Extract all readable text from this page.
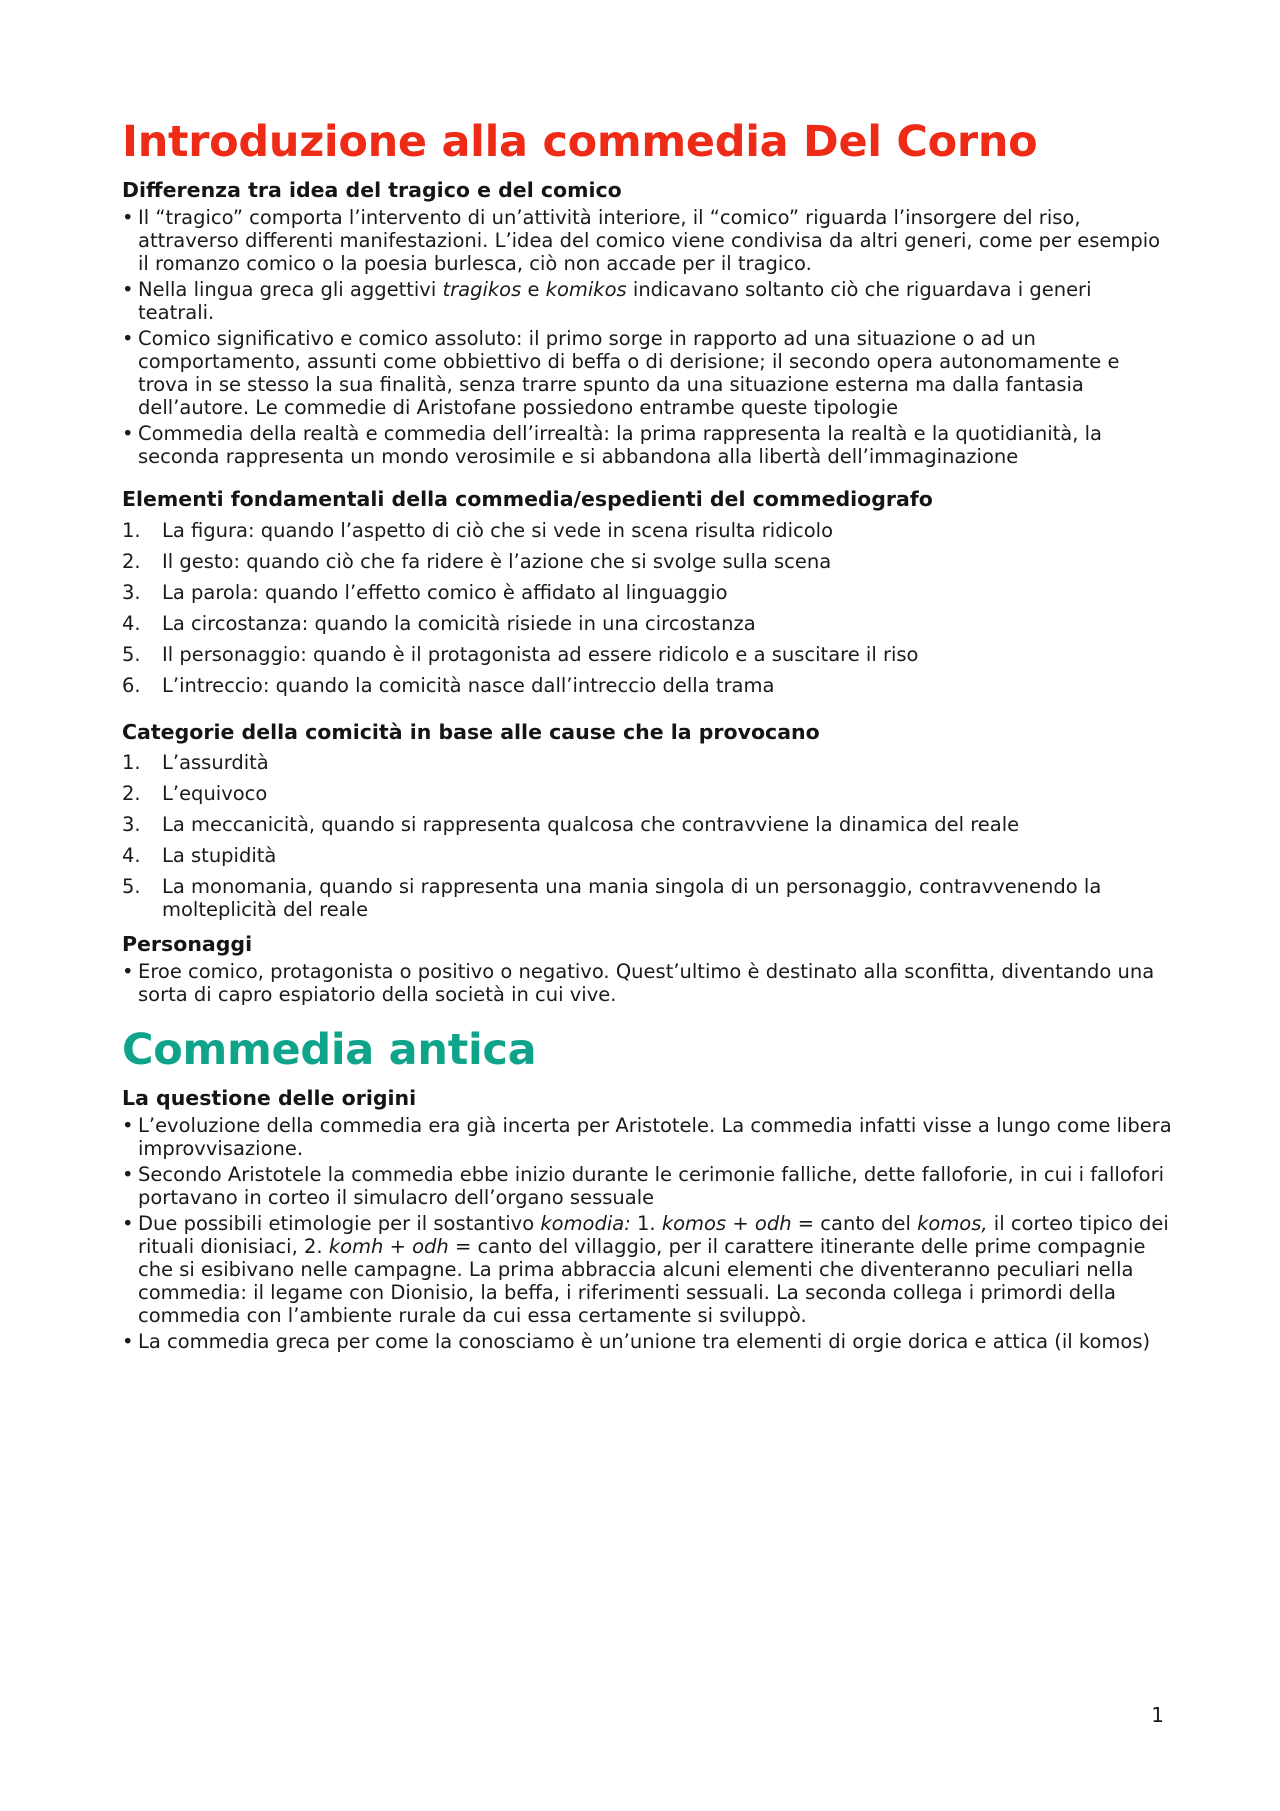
Introduzione alla commedia Del Corno
Differenza tra idea del tragico e del comico
• Il “tragico” comporta l’intervento di un’attività interiore, il “comico” riguarda l’insorgere del riso, attraverso differenti manifestazioni. L’idea del comico viene condivisa da altri generi, come per esempio il romanzo comico o la poesia burlesca, ciò non accade per il tragico.
• Nella lingua greca gli aggettivi tragikos e komikos indicavano soltanto ciò che riguardava i generi teatrali.
• Comico significativo e comico assoluto: il primo sorge in rapporto ad una situazione o ad un comportamento, assunti come obbiettivo di beffa o di derisione; il secondo opera autonomamente e trova in se stesso la sua finalità, senza trarre spunto da una situazione esterna ma dalla fantasia dell’autore. Le commedie di Aristofane possiedono entrambe queste tipologie
• Commedia della realtà e commedia dell’irrealtà: la prima rappresenta la realtà e la quotidianità, la seconda rappresenta un mondo verosimile e si abbandona alla libertà dell’immaginazione
Elementi fondamentali della commedia/espedienti del commediografo
1.	La figura: quando l’aspetto di ciò che si vede in scena risulta ridicolo
2.	Il gesto: quando ciò che fa ridere è l’azione che si svolge sulla scena
3.	La parola: quando l’effetto comico è affidato al linguaggio
4.	La circostanza: quando la comicità risiede in una circostanza
5.	Il personaggio: quando è il protagonista ad essere ridicolo e a suscitare il riso
6.	L’intreccio: quando la comicità nasce dall’intreccio della trama
Categorie della comicità in base alle cause che la provocano
1.	L’assurdità
2.	L’equivoco
3.	La meccanicità, quando si rappresenta qualcosa che contravviene la dinamica del reale
4.	La stupidità
5.	La monomania, quando si rappresenta una mania singola di un personaggio, contravvenendo la molteplicità del reale
Personaggi
• Eroe comico, protagonista o positivo o negativo. Quest’ultimo è destinato alla sconfitta, diventando una sorta di capro espiatorio della società in cui vive.
Commedia antica
La questione delle origini
• L’evoluzione della commedia era già incerta per Aristotele. La commedia infatti visse a lungo come libera improvvisazione.
• Secondo Aristotele la commedia ebbe inizio durante le cerimonie falliche, dette falloforie, in cui i fallofori portavano in corteo il simulacro dell’organo sessuale
• Due possibili etimologie per il sostantivo komodia: 1. komos + odh = canto del komos, il corteo tipico dei rituali dionisiaci, 2. komh + odh = canto del villaggio, per il carattere itinerante delle prime compagnie che si esibivano nelle campagne. La prima abbraccia alcuni elementi che diventeranno peculiari nella commedia: il legame con Dionisio, la beffa, i riferimenti sessuali. La seconda collega i primordi della commedia con l’ambiente rurale da cui essa certamente si sviluppò.
• La commedia greca per come la conosciamo è un’unione tra elementi di orgie dorica e attica (il komos)
1
